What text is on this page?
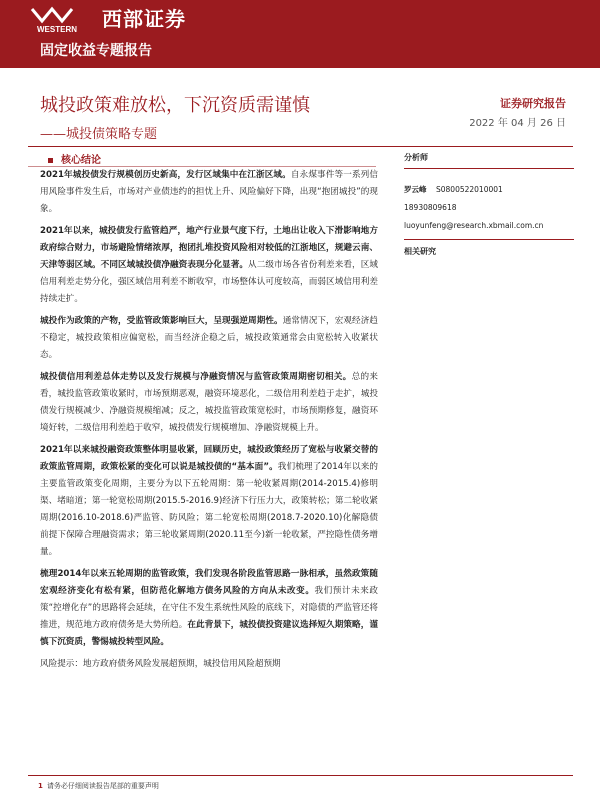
WESTERN 西部证券
固定收益专题报告
城投政策难放松，下沉资质需谨慎
——城投债策略专题
证券研究报告
2022 年 04 月 26 日
核心结论

2021年城投债发行规模创历史新高，发行区域集中在江浙区域。自永煤事件等一系列信用风险事件发生后，市场对产业债违约的担忧上升、风险偏好下降，出现“抱团城投”的现象。

2021年以来，城投债发行监管趋严，地产行业景气度下行，土地出让收入下滑影响地方政府综合财力，市场避险情绪浓厚，抱团扎堆投资风险相对较低的江浙地区，规避云南、天津等弱区域。不同区域城投债净融资表现分化显著。从二级市场各省份利差来看，区域信用利差走势分化，强区域信用利差不断收窄，市场整体认可度较高，而弱区域信用利差持续走扩。

城投作为政策的产物，受监管政策影响巨大，呈现强逆周期性。通常情况下，宏观经济趋不稳定，城投政策相应偏宽松，而当经济企稳之后，城投政策通常会由宽松转入收紧状态。

城投债信用利差总体走势以及发行规模与净融资情况与监管政策周期密切相关。总的来看，城投监管政策收紧时，市场预期恶观，融资环境恶化，二级信用利差趋于走扩，城投债发行规模减少、净融资规模缩减；反之，城投监管政策宽松时，市场预期修复，融资环境好转，二级信用利差趋于收窄，城投债发行规模增加、净融资规模上升。

2021年以来城投融资政策整体明显收紧，回顾历史，城投政策经历了宽松与收紧交替的政策监管周期，政策松紧的变化可以说是城投债的“基本面”。我们梳理了2014年以来的主要监管政策变化周期，主要分为以下五轮周期：第一轮收紧周期(2014-2015.4)修明渠、堵暗道；第一轮宽松周期(2015.5-2016.9)经济下行压力大，政策转松；第二轮收紧周期(2016.10-2018.6)严监管、防风险；第二轮宽松周期(2018.7-2020.10)化解隐债前提下保障合理融资需求；第三轮收紧周期(2020.11至今)新一轮收紧，严控隐性债务增量。

梳理2014年以来五轮周期的监管政策，我们发现各阶段监管思路一脉相承，虽然政策随宏观经济变化有松有紧，但防范化解地方债务风险的方向从未改变。我们预计未来政策“控增化存”的思路将会延续，在守住不发生系统性风险的底线下，对隐债的严监管还将推进，规范地方政府债务是大势所趋。在此背景下，城投债投资建议选择短久期策略，谨慎下沉资质，警惕城投转型风险。

风险提示：地方政府债务风险发展超预期，城投信用风险超预期

分析师
罗云峰	S0800522010001
18930809618
luoyunfeng@research.xbmail.com.cn
相关研究
1 请务必仔细阅读报告尾部的重要声明
